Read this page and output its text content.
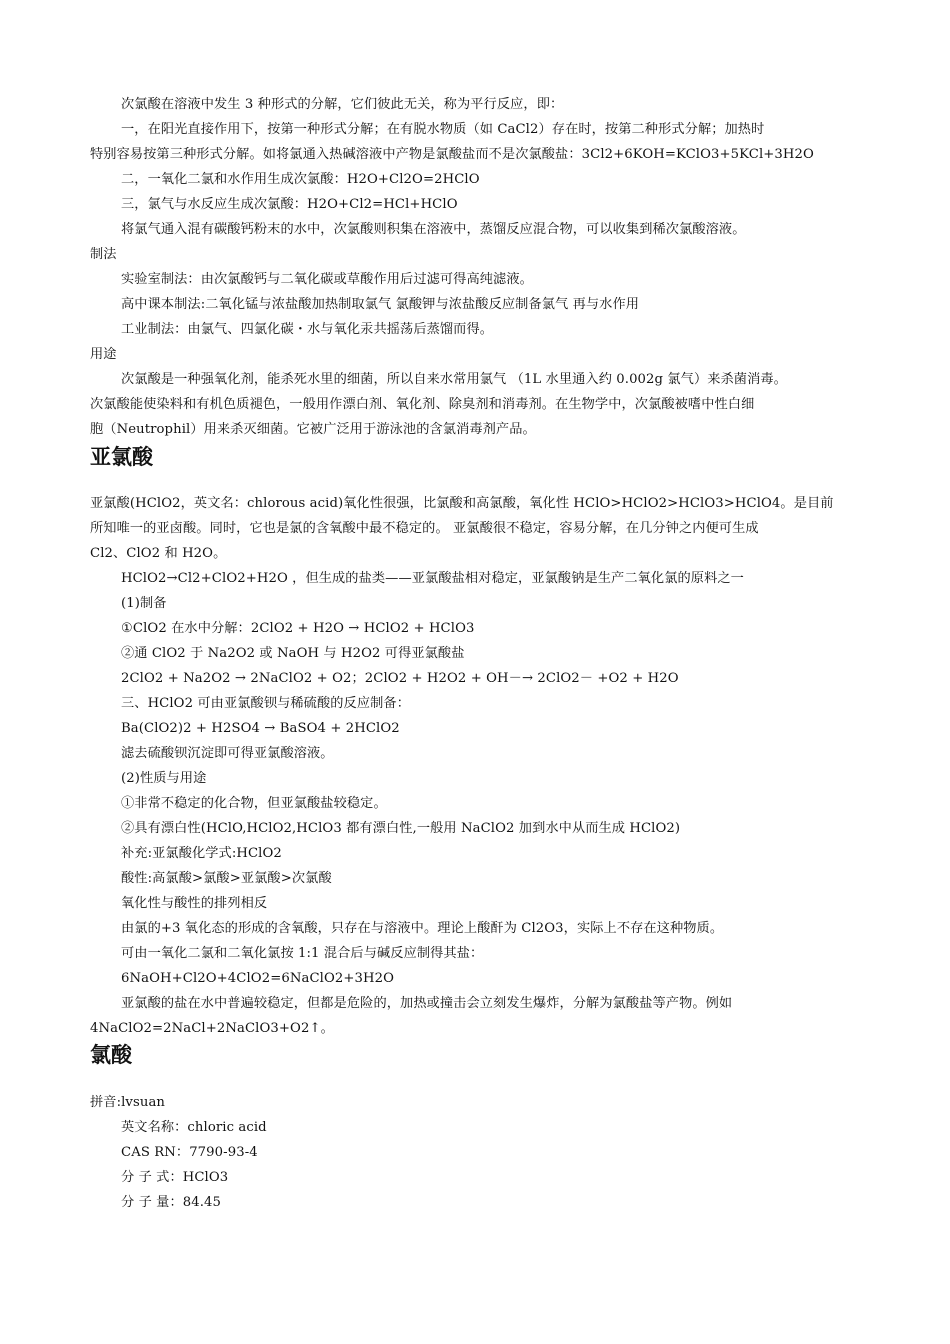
次氯酸在溶液中发生 3 种形式的分解，它们彼此无关，称为平行反应，即：
一，在阳光直接作用下，按第一种形式分解；在有脱水物质（如 CaCl2）存在时，按第二种形式分解；加热时
特别容易按第三种形式分解。如将氯通入热碱溶液中产物是氯酸盐而不是次氯酸盐：3Cl2+6KOH=KClO3+5KCl+3H2O
二，一氧化二氯和水作用生成次氯酸：H2O+Cl2O=2HClO
三，氯气与水反应生成次氯酸：H2O+Cl2=HCl+HClO
将氯气通入混有碳酸钙粉末的水中，次氯酸则积集在溶液中，蒸馏反应混合物，可以收集到稀次氯酸溶液。
制法
实验室制法：由次氯酸钙与二氧化碳或草酸作用后过滤可得高纯滤液。
高中课本制法:二氧化锰与浓盐酸加热制取氯气 氯酸钾与浓盐酸反应制备氯气 再与水作用
工业制法：由氯气、四氯化碳・水与氧化汞共摇荡后蒸馏而得。
用途
次氯酸是一种强氧化剂，能杀死水里的细菌，所以自来水常用氯气 （1L 水里通入约 0.002g 氯气）来杀菌消毒。
次氯酸能使染料和有机色质褪色，一般用作漂白剂、氧化剂、除臭剂和消毒剂。在生物学中，次氯酸被嗜中性白细
胞（Neutrophil）用来杀灭细菌。它被广泛用于游泳池的含氯消毒剂产品。
亚氯酸
亚氯酸(HClO2，英文名：chlorous acid)氧化性很强，比氯酸和高氯酸，氧化性 HClO>HClO2>HClO3>HClO4。是目前
所知唯一的亚卤酸。同时，它也是氯的含氧酸中最不稳定的。 亚氯酸很不稳定，容易分解，在几分钟之内便可生成
Cl2、ClO2 和 H2O。
HClO2→Cl2+ClO2+H2O ，但生成的盐类——亚氯酸盐相对稳定，亚氯酸钠是生产二氧化氯的原料之一
(1)制备
①ClO2 在水中分解：2ClO2 + H2O → HClO2 + HClO3
②通 ClO2 于 Na2O2 或 NaOH 与 H2O2 可得亚氯酸盐
2ClO2 + Na2O2 → 2NaClO2 + O2；2ClO2 + H2O2 + OH－→ 2ClO2－ +O2 + H2O
三、HClO2 可由亚氯酸钡与稀硫酸的反应制备：
Ba(ClO2)2 + H2SO4 → BaSO4 + 2HClO2
滤去硫酸钡沉淀即可得亚氯酸溶液。
(2)性质与用途
①非常不稳定的化合物，但亚氯酸盐较稳定。
②具有漂白性(HClO,HClO2,HClO3 都有漂白性,一般用 NaClO2 加到水中从而生成 HClO2)
补充:亚氯酸化学式:HClO2
酸性:高氯酸>氯酸>亚氯酸>次氯酸
氧化性与酸性的排列相反
由氯的+3 氧化态的形成的含氧酸，只存在与溶液中。理论上酸酐为 Cl2O3，实际上不存在这种物质。
可由一氧化二氯和二氧化氯按 1:1 混合后与碱反应制得其盐：
6NaOH+Cl2O+4ClO2=6NaClO2+3H2O
亚氯酸的盐在水中普遍较稳定，但都是危险的，加热或撞击会立刻发生爆炸，分解为氯酸盐等产物。例如
4NaClO2=2NaCl+2NaClO3+O2↑。
氯酸
拼音:lvsuan
英文名称：chloric acid
CAS RN：7790-93-4
分 子 式：HClO3
分 子 量：84.45
